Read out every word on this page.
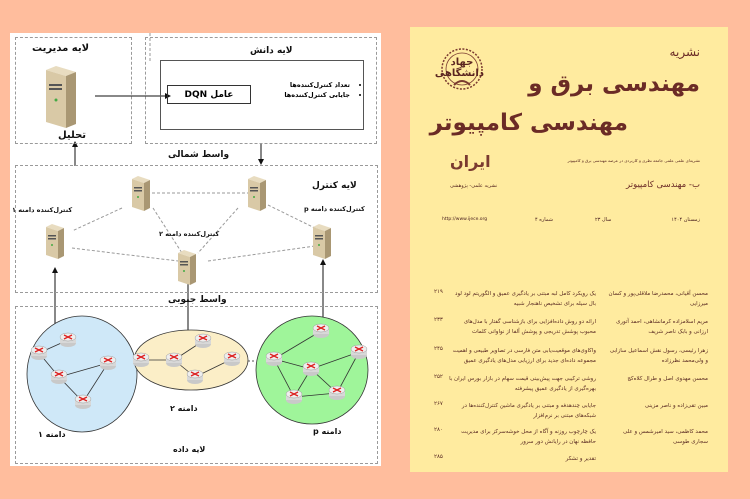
عامل DQN
لایه مدیریت
تحلیل
لایه دانش
• تعداد کنترل‌کننده‌ها
• جایابی کنترل‌کننده‌ها
واسط شمالی
لایه کنترل
کنترل‌کننده دامنه ۱
کنترل‌کننده دامنه ۲
کنترل‌کننده دامنه p
واسط جنوبی
دامنه ۱
دامنه ۲
دامنه p
لایه داده
جهاد دانشگاهی
نشریه
مهندسی برق و
مهندسی کامپیوتر
ایران	نشریه‌ای علمی علمی جامعه نظری و کاربردی در عرصه مهندسی برق و کامپیوتر
ب- مهندسی کامپیوتر
نشریه علمی- پژوهشی
زمستان ۱۴۰۴
سال ۲۳
شماره ۴
http://www.ijece.org
محسن آقیانی، محمدرضا ملاقلی‌پور و کسان میرزایی
یک رویکرد کامل لبه مبتنی بر یادگیری عمیق و الگوریتم لود لود بال سیله برای تشخیص ناهنجار شبیه
۲۱۹
مریم اسلامزاده کرمانشاهی، احمد آتوری ارزانی و بابک ناصر شریف
ارائه دو روش داده‌افزایی برای بازشناسی گفتار با مدل‌های محبوب پوشش تدریجی و پوشش آلفا از نواوانی کلمات
۲۳۳
زهرا رئیسی، رسول نقش اسماعیل سازابی و ولی‌محمد نظرزاده
واکاوی‌های موقعیت‌یابی متن فارسی در تصاویر طبیعی و اهمیت مجموعه داده‌ای جدید برای ارزیابی مدل‌های یادگیری عمیق
۲۴۵
محسن مهدوی اصل و طرال کلاه‌کج
روشی ترکیبی جهت پیش‌بینی قیمت سهام در بازار بورس ایران با بهره‌گیری از یادگیری عمیق پیشرفته
۲۵۲
مبین تقی‌زاده و ناصر مزینی
جایابی چندهدفه و مبتنی بر یادگیری ماشین کنترل‌کننده‌ها در شبکه‌های مبتنی بر نرم‌افزار
۲۶۷
محمد کاظمی، سید امیرشمس و علی سجاری طوسی
یک چارچوب روزنه و آگاه از محل خوشه‌سرکز برای مدیریت حافظه نهان در رایانش دور سرور
۲۸۰
تقدیر و تشکر
۲۸۵
